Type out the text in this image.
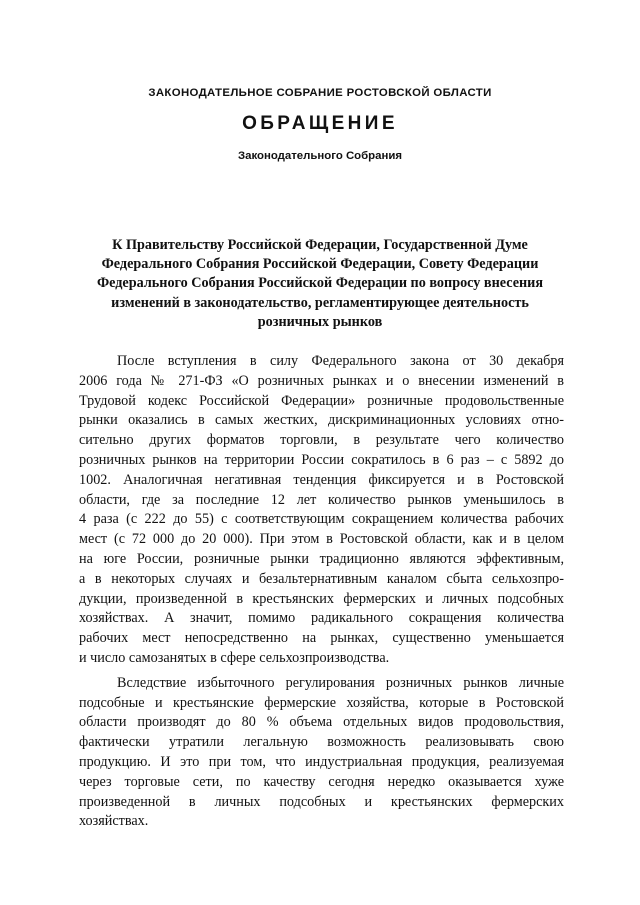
ЗАКОНОДАТЕЛЬНОЕ СОБРАНИЕ РОСТОВСКОЙ ОБЛАСТИ
ОБРАЩЕНИЕ
Законодательного Собрания
К Правительству Российской Федерации, Государственной Думе
Федерального Собрания Российской Федерации, Совету Федерации
Федерального Собрания Российской Федерации по вопросу внесения
изменений в законодательство, регламентирующее деятельность
розничных рынков
После вступления в силу Федерального закона от 30 декабря
2006 года № 271-ФЗ «О розничных рынках и о внесении изменений в
Трудовой кодекс Российской Федерации» розничные продовольственные
рынки оказались в самых жестких, дискриминационных условиях отно-
сительно других форматов торговли, в результате чего количество
розничных рынков на территории России сократилось в 6 раз – с 5892 до
1002. Аналогичная негативная тенденция фиксируется и в Ростовской
области, где за последние 12 лет количество рынков уменьшилось в
4 раза (с 222 до 55) с соответствующим сокращением количества рабочих
мест (с 72 000 до 20 000). При этом в Ростовской области, как и в целом
на юге России, розничные рынки традиционно являются эффективным,
а в некоторых случаях и безальтернативным каналом сбыта сельхозпро-
дукции, произведенной в крестьянских фермерских и личных подсобных
хозяйствах. А значит, помимо радикального сокращения количества
рабочих мест непосредственно на рынках, существенно уменьшается
и число самозанятых в сфере сельхозпроизводства.
Вследствие избыточного регулирования розничных рынков личные
подсобные и крестьянские фермерские хозяйства, которые в Ростовской
области производят до 80 % объема отдельных видов продовольствия,
фактически утратили легальную возможность реализовывать свою
продукцию. И это при том, что индустриальная продукция, реализуемая
через торговые сети, по качеству сегодня нередко оказывается хуже
произведенной в личных подсобных и крестьянских фермерских
хозяйствах.
